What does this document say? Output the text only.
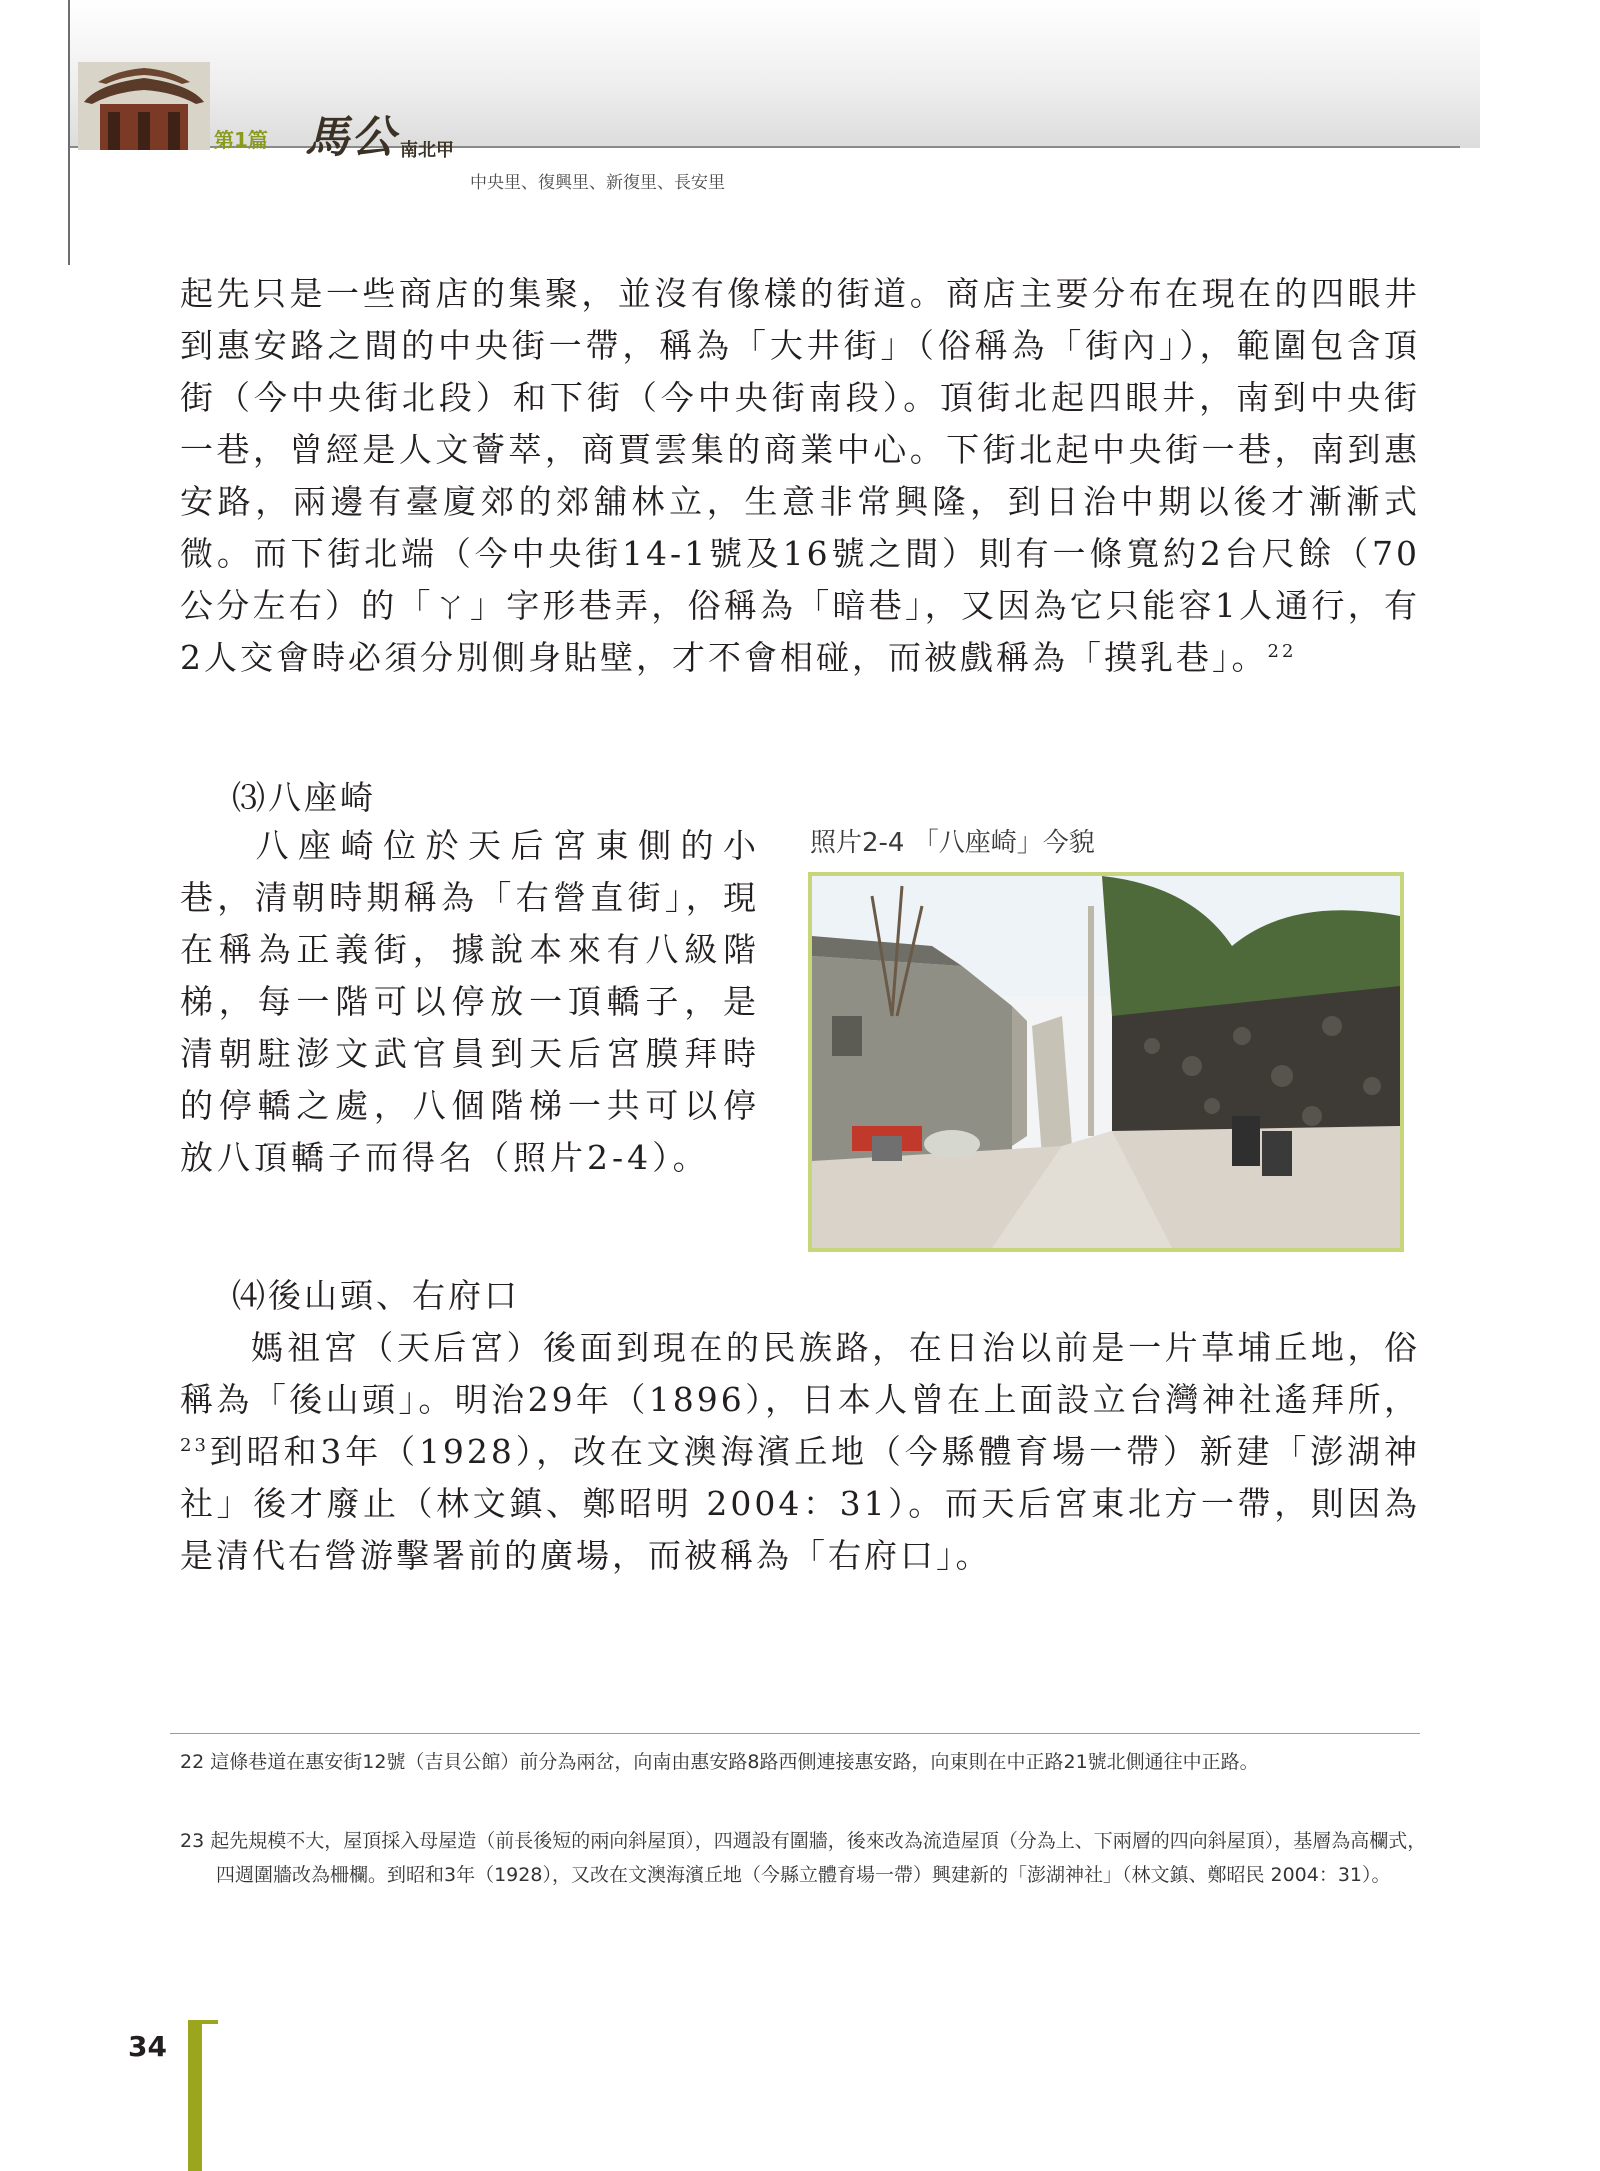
第1篇 馬公 南北甲
中央里、復興里、新復里、長安里

起先只是一些商店的集聚，並沒有像樣的街道。商店主要分布在現在的四眼井到惠安路之間的中央街一帶，稱為「大井街」（俗稱為「街內」），範圍包含頂街（今中央街北段）和下街（今中央街南段）。頂街北起四眼井，南到中央街一巷，曾經是人文薈萃，商賈雲集的商業中心。下街北起中央街一巷，南到惠安路，兩邊有臺廈郊的郊舖林立，生意非常興隆，到日治中期以後才漸漸式微。而下街北端（今中央街14-1號及16號之間）則有一條寬約2台尺餘（70公分左右）的「ㄚ」字形巷弄，俗稱為「暗巷」，又因為它只能容1人通行，有2人交會時必須分別側身貼壁，才不會相碰，而被戲稱為「摸乳巷」。$^{22}$

⑶八座崎

八座崎位於天后宮東側的小巷，清朝時期稱為「右營直街」，現在稱為正義街，據說本來有八級階梯，每一階可以停放一頂轎子，是清朝駐澎文武官員到天后宮膜拜時的停轎之處，八個階梯一共可以停放八頂轎子而得名（照片2-4）。

照片2-4 「八座崎」今貌
⑷後山頭、右府口

媽祖宮（天后宮）後面到現在的民族路，在日治以前是一片草埔丘地，俗稱為「後山頭」。明治29年（1896），日本人曾在上面設立台灣神社遙拜所，$^{23}$到昭和3年（1928），改在文澳海濱丘地（今縣體育場一帶）新建「澎湖神社」後才廢止（林文鎮、鄭昭明 2004：31）。而天后宮東北方一帶，則因為是清代右營游擊署前的廣場，而被稱為「右府口」。

22 這條巷道在惠安街12號（吉貝公館）前分為兩岔，向南由惠安路8路西側連接惠安路，向東則在中正路21號北側通往中正路。

23 起先規模不大，屋頂採入母屋造（前長後短的兩向斜屋頂），四週設有圍牆，後來改為流造屋頂（分為上、下兩層的四向斜屋頂），基層為高欄式，四週圍牆改為柵欄。到昭和3年（1928），又改在文澳海濱丘地（今縣立體育場一帶）興建新的「澎湖神社」（林文鎮、鄭昭民 2004：31）。

34
